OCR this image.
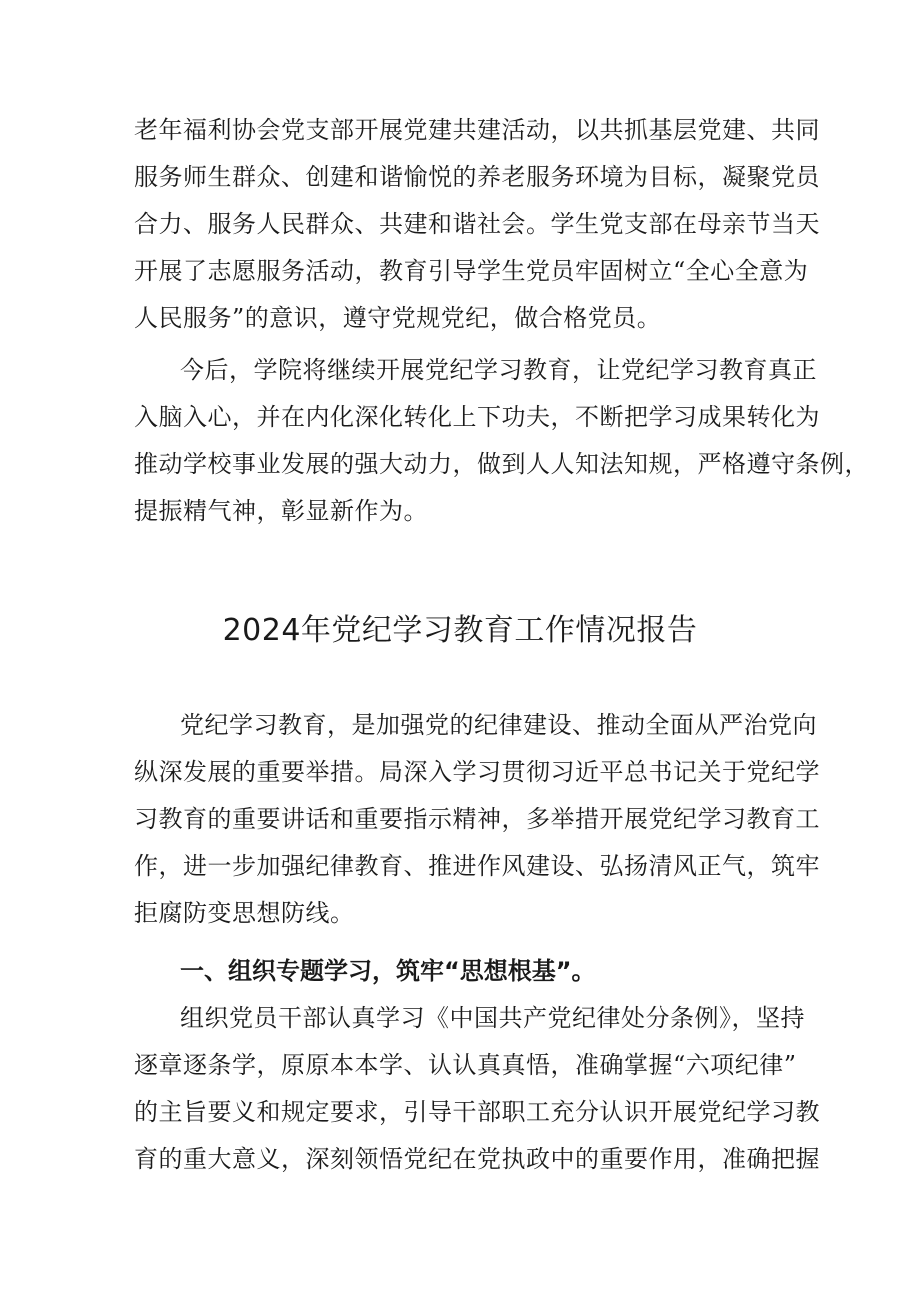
老年福利协会党支部开展党建共建活动，以共抓基层党建、共同
服务师生群众、创建和谐愉悦的养老服务环境为目标，凝聚党员
合力、服务人民群众、共建和谐社会。学生党支部在母亲节当天
开展了志愿服务活动，教育引导学生党员牢固树立“全心全意为
人民服务”的意识，遵守党规党纪，做合格党员。
今后，学院将继续开展党纪学习教育，让党纪学习教育真正
入脑入心，并在内化深化转化上下功夫，不断把学习成果转化为
推动学校事业发展的强大动力，做到人人知法知规，严格遵守条例，
提振精气神，彰显新作为。
2024年党纪学习教育工作情况报告
党纪学习教育，是加强党的纪律建设、推动全面从严治党向
纵深发展的重要举措。局深入学习贯彻习近平总书记关于党纪学
习教育的重要讲话和重要指示精神，多举措开展党纪学习教育工
作，进一步加强纪律教育、推进作风建设、弘扬清风正气，筑牢
拒腐防变思想防线。
一、组织专题学习，筑牢“思想根基”。
组织党员干部认真学习《中国共产党纪律处分条例》，坚持
逐章逐条学，原原本本学、认认真真悟，准确掌握“六项纪律”
的主旨要义和规定要求，引导干部职工充分认识开展党纪学习教
育的重大意义，深刻领悟党纪在党执政中的重要作用，准确把握
